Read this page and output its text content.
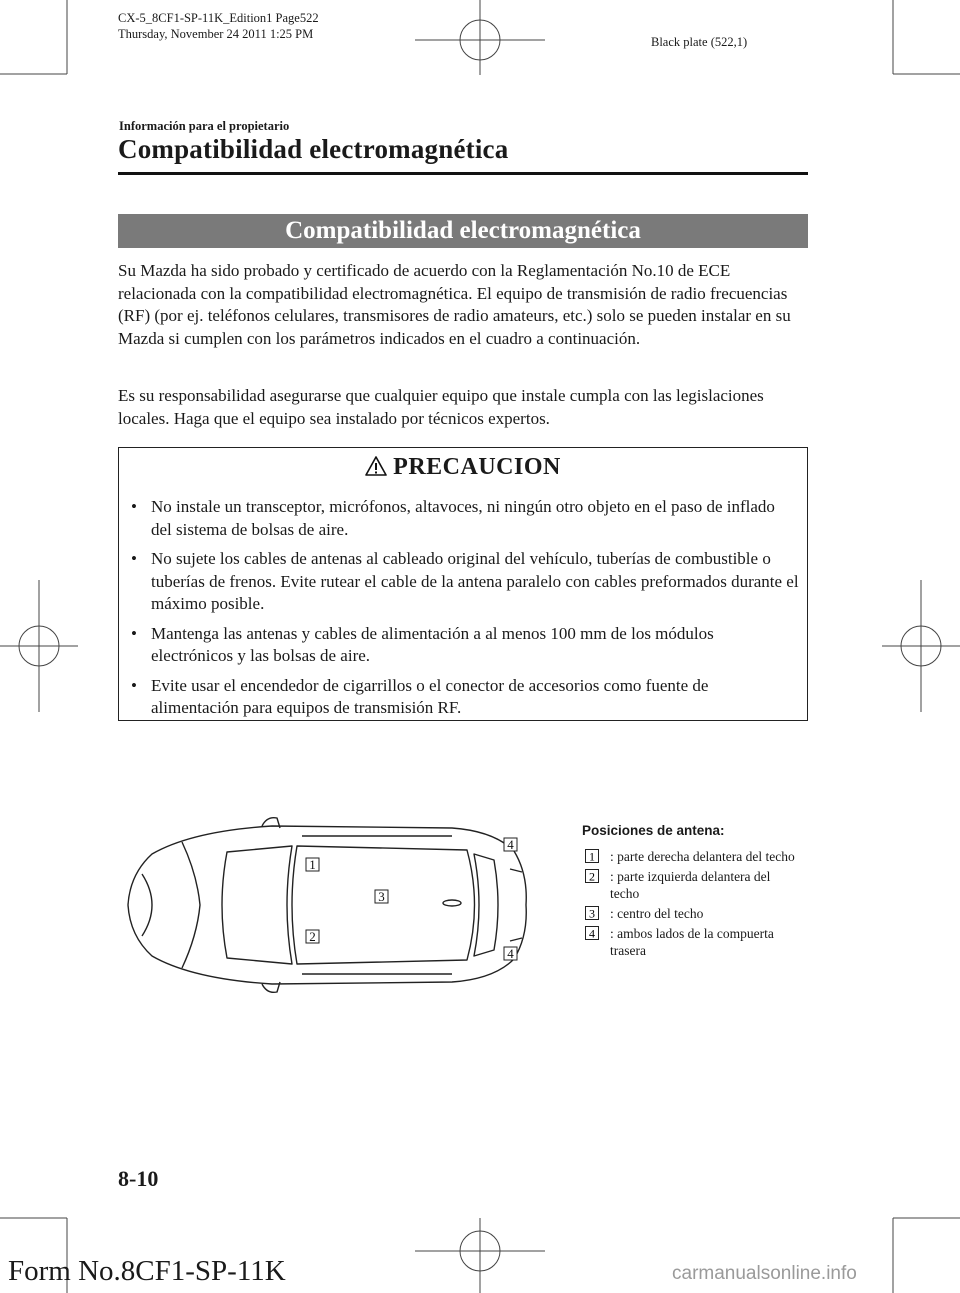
CX-5_8CF1-SP-11K_Edition1 Page522
Thursday, November 24 2011 1:25 PM
Black plate (522,1)
Información para el propietario
Compatibilidad electromagnética
Compatibilidad electromagnética
Su Mazda ha sido probado y certificado de acuerdo con la Reglamentación No.10 de ECE relacionada con la compatibilidad electromagnética. El equipo de transmisión de radio frecuencias (RF) (por ej. teléfonos celulares, transmisores de radio amateurs, etc.) solo se pueden instalar en su Mazda si cumplen con los parámetros indicados en el cuadro a continuación.
Es su responsabilidad asegurarse que cualquier equipo que instale cumpla con las legislaciones locales. Haga que el equipo sea instalado por técnicos expertos.
PRECAUCION
• No instale un transceptor, micrófonos, altavoces, ni ningún otro objeto en el paso de inflado del sistema de bolsas de aire.
• No sujete los cables de antenas al cableado original del vehículo, tuberías de combustible o tuberías de frenos. Evite rutear el cable de la antena paralelo con cables preformados durante el máximo posible.
• Mantenga las antenas y cables de alimentación a al menos 100 mm de los módulos electrónicos y las bolsas de aire.
• Evite usar el encendedor de cigarrillos o el conector de accesorios como fuente de alimentación para equipos de transmisión RF.
1
2
3
4
4
Posiciones de antena:
1 : parte derecha delantera del techo
2 : parte izquierda delantera del techo
3 : centro del techo
4 : ambos lados de la compuerta trasera
8-10
Form No.8CF1-SP-11K	carmanualsonline.info
